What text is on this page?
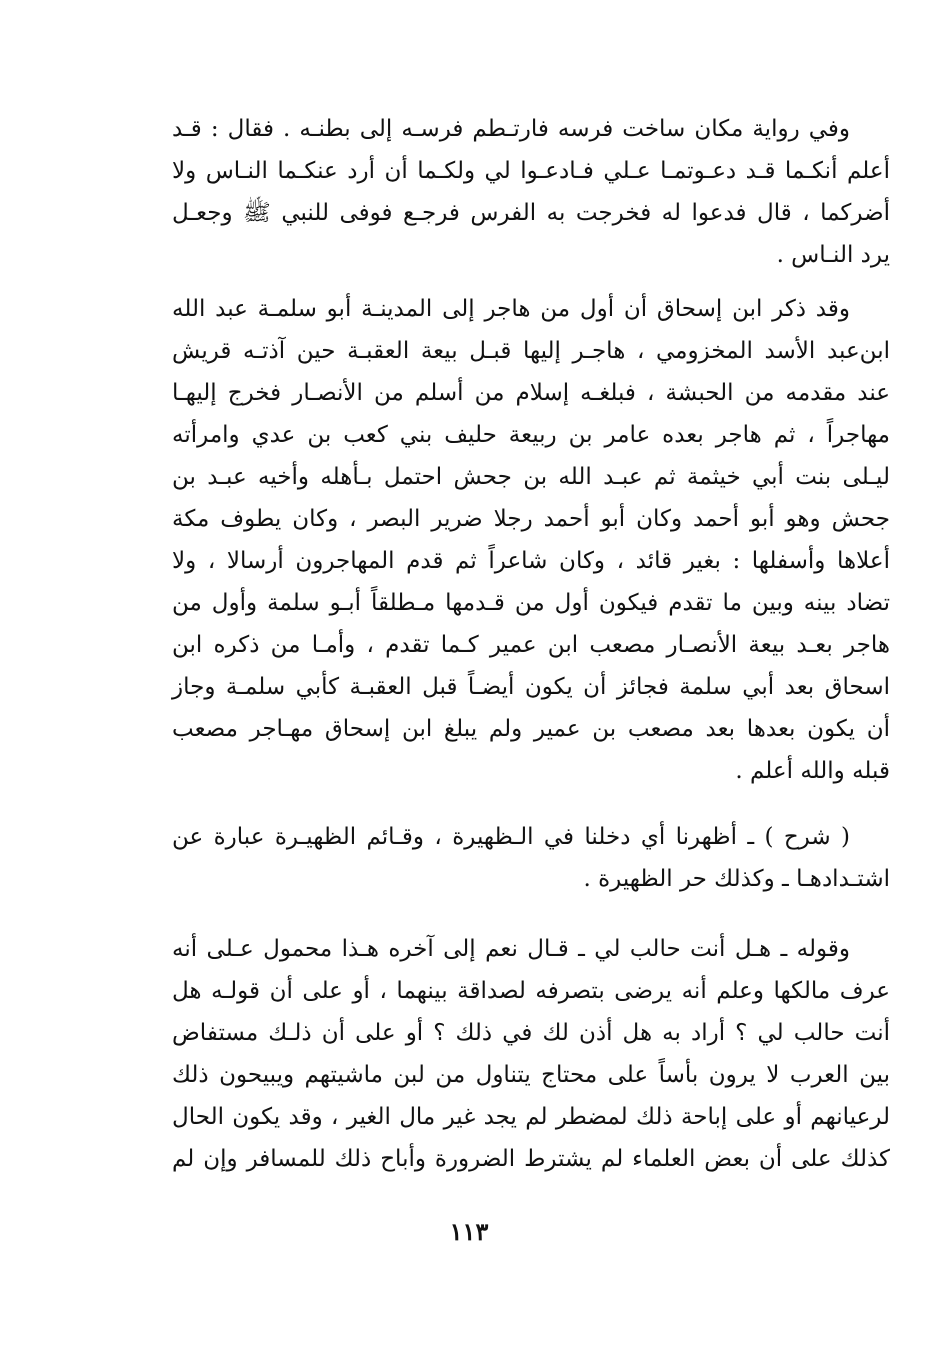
وفي رواية مكان ساخت فرسه فارتـطم فرسـه إلى بطنـه . فقال : قـد
أعلم أنكـما قـد دعـوتمـا عـلي فـادعـوا لي ولكـما أن أرد عنكـما النـاس ولا
أضركما ، قال فدعوا له فخرجت به الفرس فرجـع فوفى للنبي ﷺ وجعـل
يرد النـاس .
وقد ذكر ابن إسحاق أن أول من هاجر إلى المدينـة أبو سلمـة عبد الله
ابن‌عبد الأسد المخزومي ، هاجـر إليها قبـل بيعة العقبـة حين آذتـه قريش
عند مقدمه من الحبشة ، فبلغـه إسلام من أسلم من الأنصـار فخرج إليهـا
مهاجراً ، ثم هاجر بعده عامر بن ربيعة حليف بني كعب بن عدي وامرأته
ليـلى بنت أبي خيثمة ثم عبـد الله بن جحش احتمل بـأهله وأخيه عبـد بن
جحش وهو أبو أحمد وكان أبو أحمد رجلا ضرير البصر ، وكان يطوف مكة
أعلاها وأسفلها : بغير قائد ، وكان شاعراً ثم قدم المهاجرون أرسالا ، ولا
تضاد بينه وبين ما تقدم فيكون أول من قـدمها مـطلقاً أبـو سلمة وأول من
هاجر بعـد بيعة الأنصـار مصعب ابن عمير كـما تقدم ، وأمـا من ذكره ابن
اسحاق بعد أبي سلمة فجائز أن يكون أيضـاً قبل العقبـة كأبي سلمـة وجاز
أن يكون بعدها بعد مصعب بن عمير ولم يبلغ ابن إسحاق مهـاجر مصعب
قبله والله أعلم .
( شرح ) ـ أظهرنا أي دخلنا في الـظهيرة ، وقـائم الظهيـرة عبارة عن
اشتـدادهـا ـ وكذلك حر الظهيرة .
وقوله ـ هـل أنت حالب لي ـ قـال نعم إلى آخره هـذا محمول عـلى أنه
عرف مالكها وعلم أنه يرضى بتصرفه لصداقة بينهما ، أو على أن قولـه هل
أنت حالب لي ؟ أراد به هل أذن لك في ذلك ؟ أو على أن ذلـك مستفاض
بين العرب لا يرون بأساً على محتاج يتناول من لبن ماشيتهم ويبيحون ذلك
لرعيانهم أو على إباحة ذلك لمضطر لم يجد غير مال الغير ، وقد يكون الحال
كذلك على أن بعض العلماء لم يشترط الضرورة وأباح ذلك للمسافر وإن لم
١١٣
